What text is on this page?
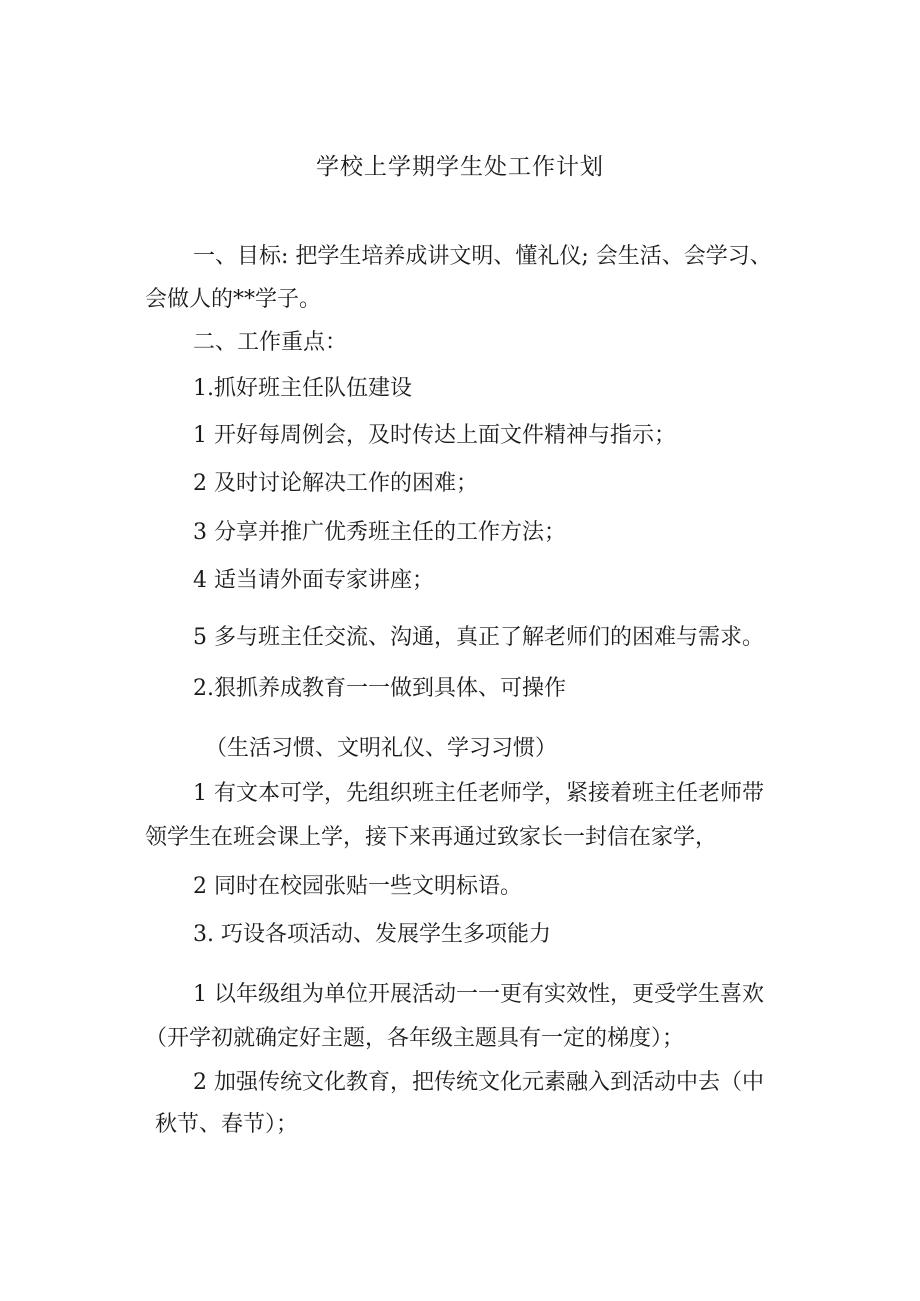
学校上学期学生处工作计划
一、目标: 把学生培养成讲文明、懂礼仪; 会生活、会学习、
会做人的**学子。
二、工作重点：
1.抓好班主任队伍建设
1 开好每周例会，及时传达上面文件精神与指示；
2 及时讨论解决工作的困难；
3 分享并推广优秀班主任的工作方法；
4 适当请外面专家讲座；
5 多与班主任交流、沟通，真正了解老师们的困难与需求。
2.狠抓养成教育一一做到具体、可操作
（生活习惯、文明礼仪、学习习惯）
1 有文本可学，先组织班主任老师学，紧接着班主任老师带
领学生在班会课上学，接下来再通过致家长一封信在家学，
2 同时在校园张贴一些文明标语。
3. 巧设各项活动、发展学生多项能力
1 以年级组为单位开展活动一一更有实效性，更受学生喜欢
（开学初就确定好主题，各年级主题具有一定的梯度）；
2 加强传统文化教育，把传统文化元素融入到活动中去（中
秋节、春节）；
